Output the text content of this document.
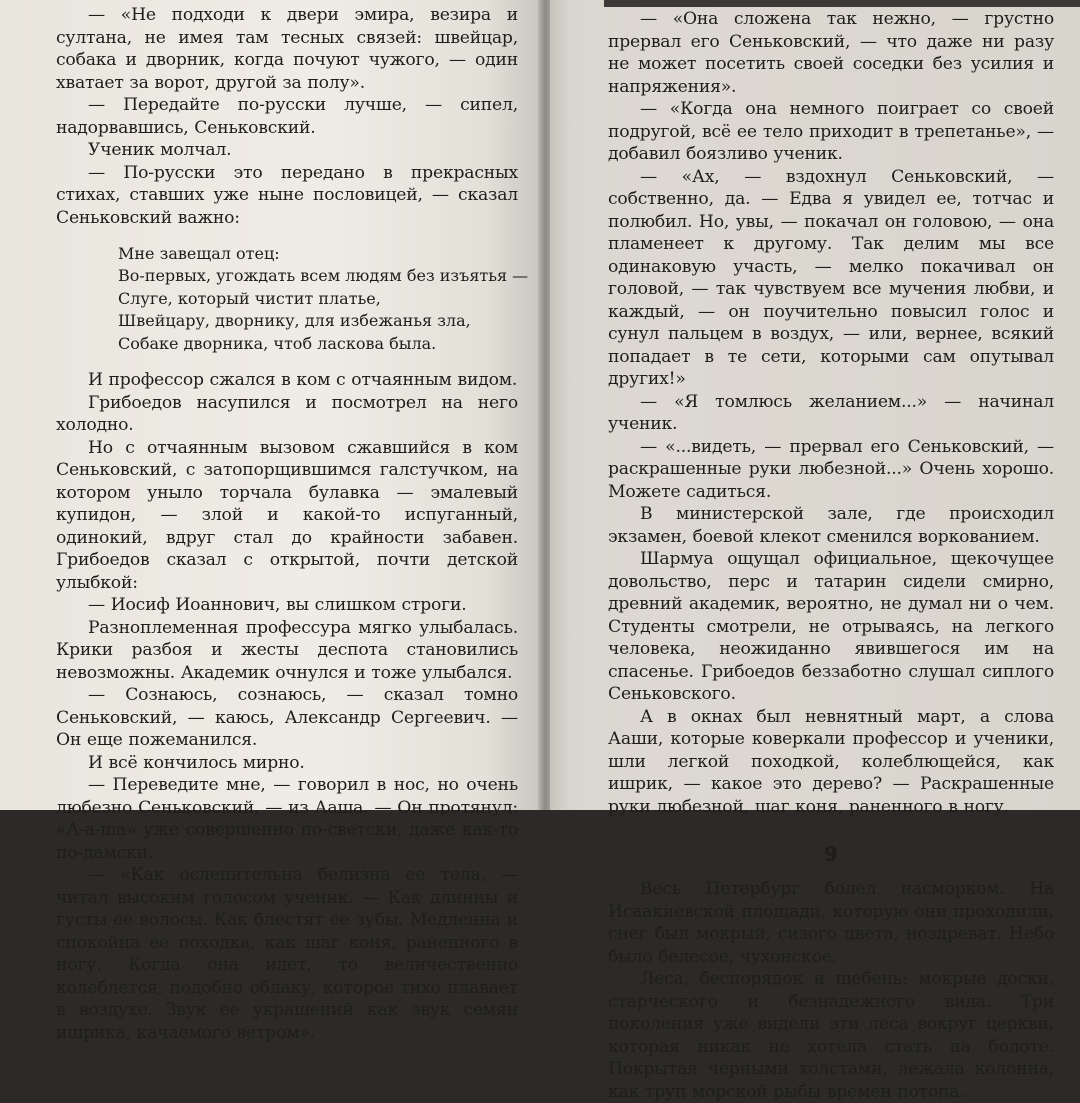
— «Не подходи к двери эмира, везира и султана, не имея там тесных связей: швейцар, собака и дворник, когда почуют чужого, — один хватает за ворот, другой за полу».

— Передайте по-русски лучше, — сипел, надорвавшись, Сеньковский.

Ученик молчал.

— По-русски это передано в прекрасных стихах, ставших уже ныне пословицей, — сказал Сеньковский важно:

Мне завещал отец:
Во-первых, угождать всем людям без изъятья —
Слуге, который чистит платье,
Швейцару, дворнику, для избежанья зла,
Собаке дворника, чтоб ласкова была.

И профессор сжался в ком с отчаянным видом.

Грибоедов насупился и посмотрел на него холодно.

Но с отчаянным вызовом сжавшийся в ком Сеньковский, с затопорщившимся галстучком, на котором уныло торчала булавка — эмалевый купидон, — злой и какой-то испуганный, одинокий, вдруг стал до крайности забавен. Грибоедов сказал с открытой, почти детской улыбкой:

— Иосиф Иоаннович, вы слишком строги.

Разноплеменная профессура мягко улыбалась. Крики разбоя и жесты деспота становились невозможны. Академик очнулся и тоже улыбался.

— Сознаюсь, сознаюсь, — сказал томно Сеньковский, — каюсь, Александр Сергеевич. — Он еще пожеманился.

И всё кончилось мирно.

— Переведите мне, — говорил в нос, но очень любезно Сеньковский, — из Ааша. — Он протянул: «А-а-ша» уже совершенно по-светски, даже как-то по-дамски.

— «Как ослепительна белизна ее тела, — читал высоким голосом ученик. — Как длинны и густы ее волосы. Как блестят ее зубы. Медленна и спокойна ее походка, как шаг коня, раненного в ногу. Когда она идет, то величественно колеблется, подобно облаку, которое тихо плавает в воздухе. Звук ее украшений как звук семян ишрика, качаемого ветром».

— «Она сложена так нежно, — грустно прервал его Сеньковский, — что даже ни разу не может посетить своей соседки без усилия и напряжения».

— «Когда она немного поиграет со своей подругой, всё ее тело приходит в трепетанье», — добавил боязливо ученик.

— «Ах, — вздохнул Сеньковский, — собственно, да. — Едва я увидел ее, тотчас и полюбил. Но, увы, — покачал он головою, — она пламенеет к другому. Так делим мы все одинаковую участь, — мелко покачивал он головой, — так чувствуем все мучения любви, и каждый, — он поучительно повысил голос и сунул пальцем в воздух, — или, вернее, всякий попадает в те сети, которыми сам опутывал других!»

— «Я томлюсь желанием...» — начинал ученик.

— «...видеть, — прервал его Сеньковский, — раскрашенные руки любезной...» Очень хорошо. Можете садиться.

В министерской зале, где происходил экзамен, боевой клекот сменился воркованием.

Шармуа ощущал официальное, щекочущее довольство, перс и татарин сидели смирно, древний академик, вероятно, не думал ни о чем. Студенты смотрели, не отрываясь, на легкого человека, неожиданно явившегося им на спасенье. Грибоедов беззаботно слушал сиплого Сеньковского.

А в окнах был невнятный март, а слова Ааши, которые коверкали профессор и ученики, шли легкой походкой, колеблющейся, как ишрик, — какое это дерево? — Раскрашенные руки любезной, шаг коня, раненного в ногу.

9

Весь Петербург болел насморком. На Исаакиевской площади, которую они проходили, снег был мокрый, сизого цвета, ноздреват. Небо было белесое, чухонское.

Леса, беспорядок и щебень; мокрые доски, старческого и безнадежного вида. Три поколения уже видели эти леса вокруг церкви, которая никак не хотела стать на болоте. Покрытая черными холстами, лежала колонна, как труп морской рыбы времен потопа.
